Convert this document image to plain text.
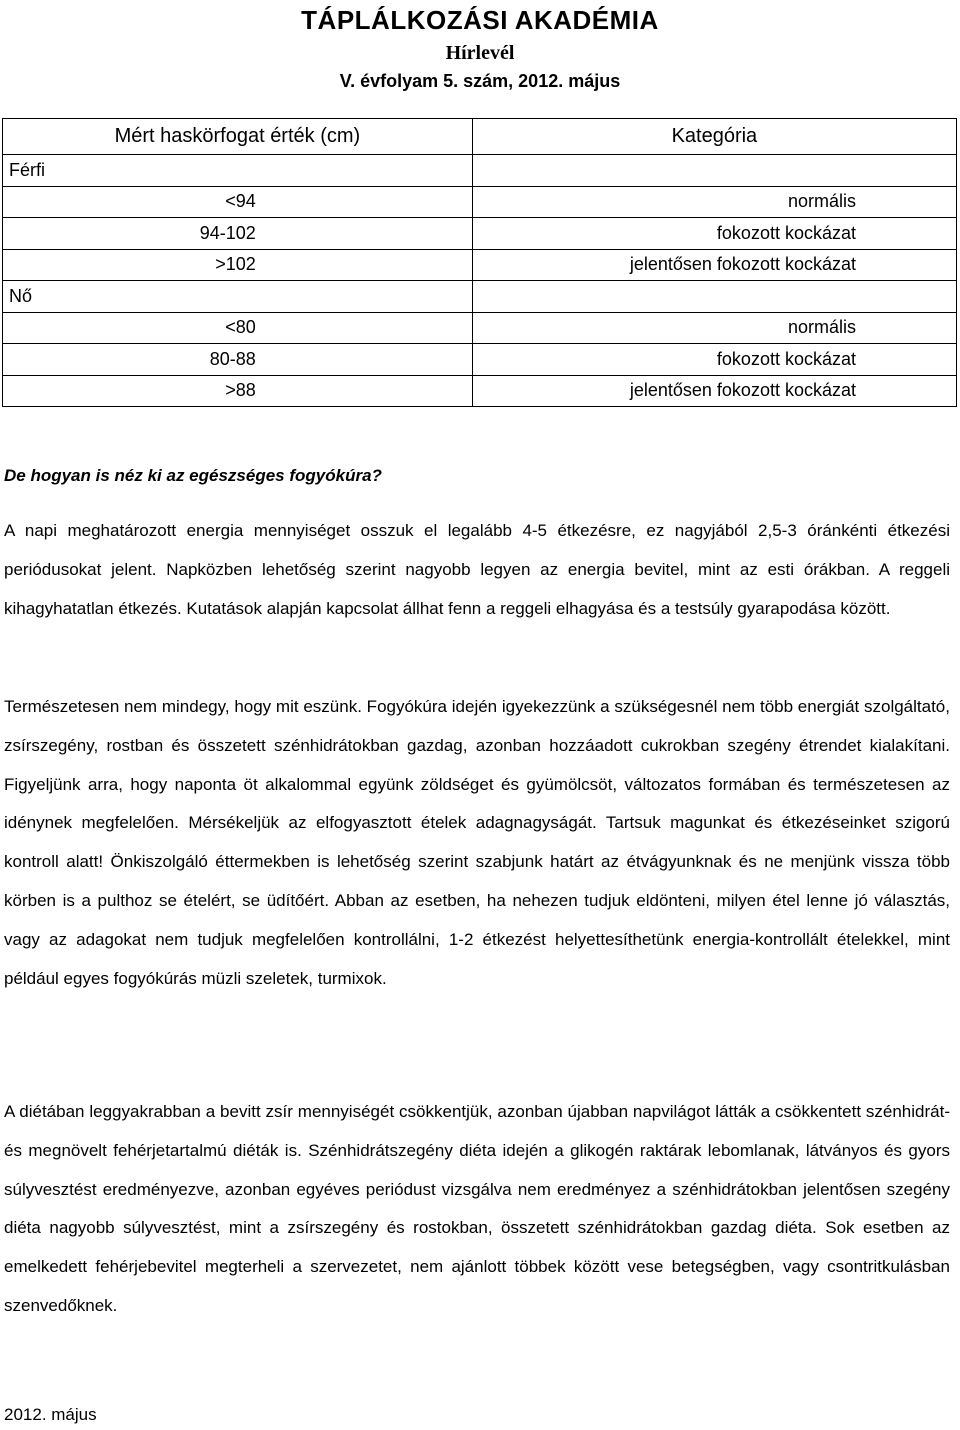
TÁPLÁLKOZÁSI AKADÉMIA
Hírlevél
V. évfolyam 5. szám, 2012. május
Mért haskörfogat érték (cm)	Kategória
Férfi	
<94	normális
94-102	fokozott kockázat
>102	jelentősen fokozott kockázat
Nő	
<80	normális
80-88	fokozott kockázat
>88	jelentősen fokozott kockázat
De hogyan is néz ki az egészséges fogyókúra?

A napi meghatározott energia mennyiséget osszuk el legalább 4-5 étkezésre, ez nagyjából 2,5-3 óránkénti étkezési periódusokat jelent. Napközben lehetőség szerint nagyobb legyen az energia bevitel, mint az esti órákban. A reggeli kihagyhatatlan étkezés. Kutatások alapján kapcsolat állhat fenn a reggeli elhagyása és a testsúly gyarapodása között.

Természetesen nem mindegy, hogy mit eszünk. Fogyókúra idején igyekezzünk a szükségesnél nem több energiát szolgáltató, zsírszegény, rostban és összetett szénhidrátokban gazdag, azonban hozzáadott cukrokban szegény étrendet kialakítani. Figyeljünk arra, hogy naponta öt alkalommal együnk zöldséget és gyümölcsöt, változatos formában és természetesen az idénynek megfelelően. Mérsékeljük az elfogyasztott ételek adagnagyságát. Tartsuk magunkat és étkezéseinket szigorú kontroll alatt! Önkiszolgáló éttermekben is lehetőség szerint szabjunk határt az étvágyunknak és ne menjünk vissza több körben is a pulthoz se ételért, se üdítőért. Abban az esetben, ha nehezen tudjuk eldönteni, milyen étel lenne jó választás, vagy az adagokat nem tudjuk megfelelően kontrollálni, 1-2 étkezést helyettesíthetünk energia-kontrollált ételekkel, mint például egyes fogyókúrás müzli szeletek, turmixok.

A diétában leggyakrabban a bevitt zsír mennyiségét csökkentjük, azonban újabban napvilágot látták a csökkentett szénhidrát- és megnövelt fehérjetartalmú diéták is. Szénhidrátszegény diéta idején a glikogén raktárak lebomlanak, látványos és gyors súlyvesztést eredményezve, azonban egyéves periódust vizsgálva nem eredményez a szénhidrátokban jelentősen szegény diéta nagyobb súlyvesztést, mint a zsírszegény és rostokban, összetett szénhidrátokban gazdag diéta. Sok esetben az emelkedett fehérjebevitel megterheli a szervezetet, nem ajánlott többek között vese betegségben, vagy csontritkulásban szenvedőknek.

2012. május
